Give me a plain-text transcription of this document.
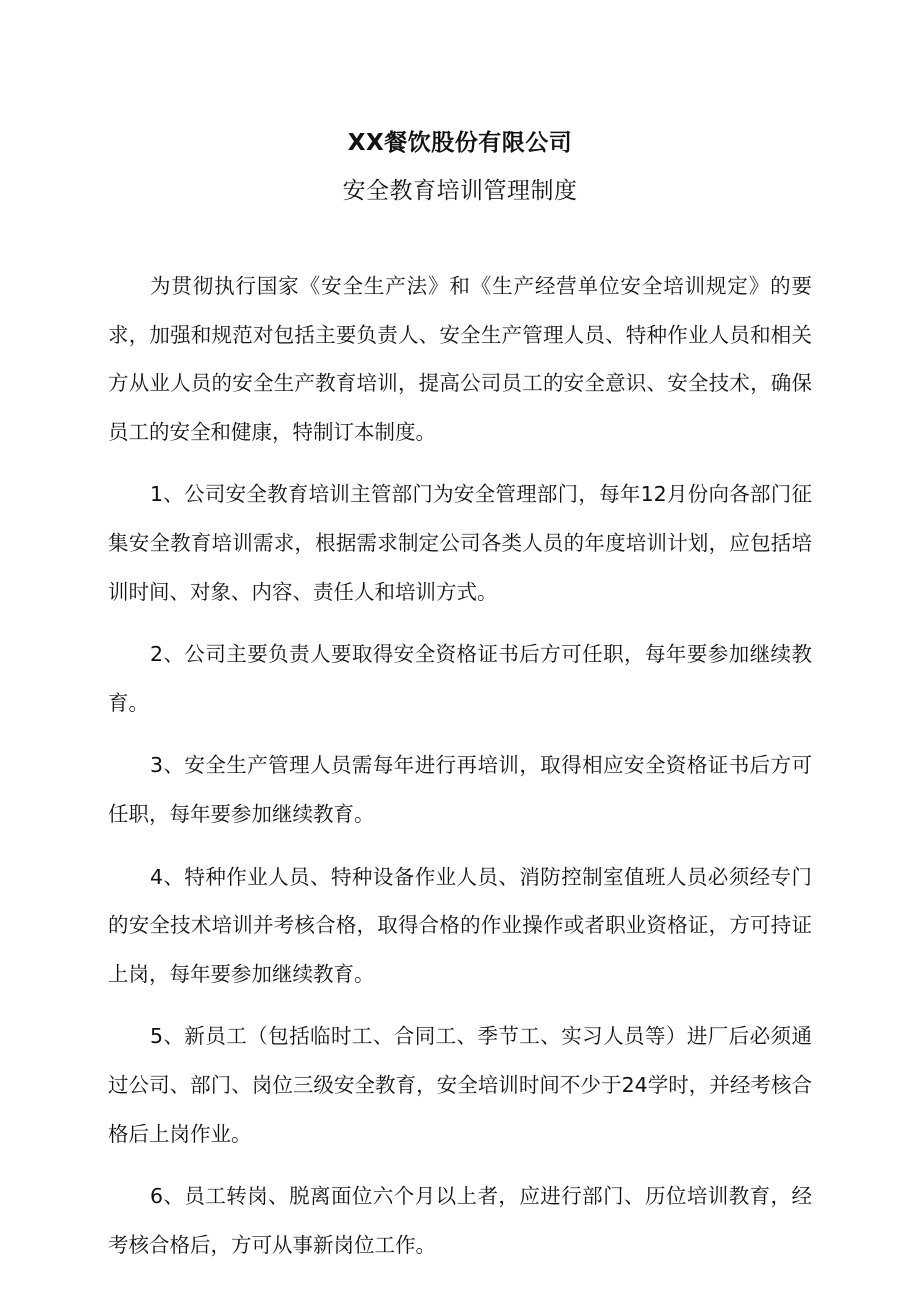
XX餐饮股份有限公司
安全教育培训管理制度

为贯彻执行国家《安全生产法》和《生产经营单位安全培训规定》的要求，加强和规范对包括主要负责人、安全生产管理人员、特种作业人员和相关方从业人员的安全生产教育培训，提高公司员工的安全意识、安全技术，确保员工的安全和健康，特制订本制度。

1、公司安全教育培训主管部门为安全管理部门，每年12月份向各部门征集安全教育培训需求，根据需求制定公司各类人员的年度培训计划，应包括培训时间、对象、内容、责任人和培训方式。

2、公司主要负责人要取得安全资格证书后方可任职，每年要参加继续教育。

3、安全生产管理人员需每年进行再培训，取得相应安全资格证书后方可任职，每年要参加继续教育。

4、特种作业人员、特种设备作业人员、消防控制室值班人员必须经专门的安全技术培训并考核合格，取得合格的作业操作或者职业资格证，方可持证上岗，每年要参加继续教育。

5、新员工（包括临时工、合同工、季节工、实习人员等）进厂后必须通过公司、部门、岗位三级安全教育，安全培训时间不少于24学时，并经考核合格后上岗作业。

6、员工转岗、脱离面位六个月以上者，应进行部门、历位培训教育，经考核合格后，方可从事新岗位工作。
